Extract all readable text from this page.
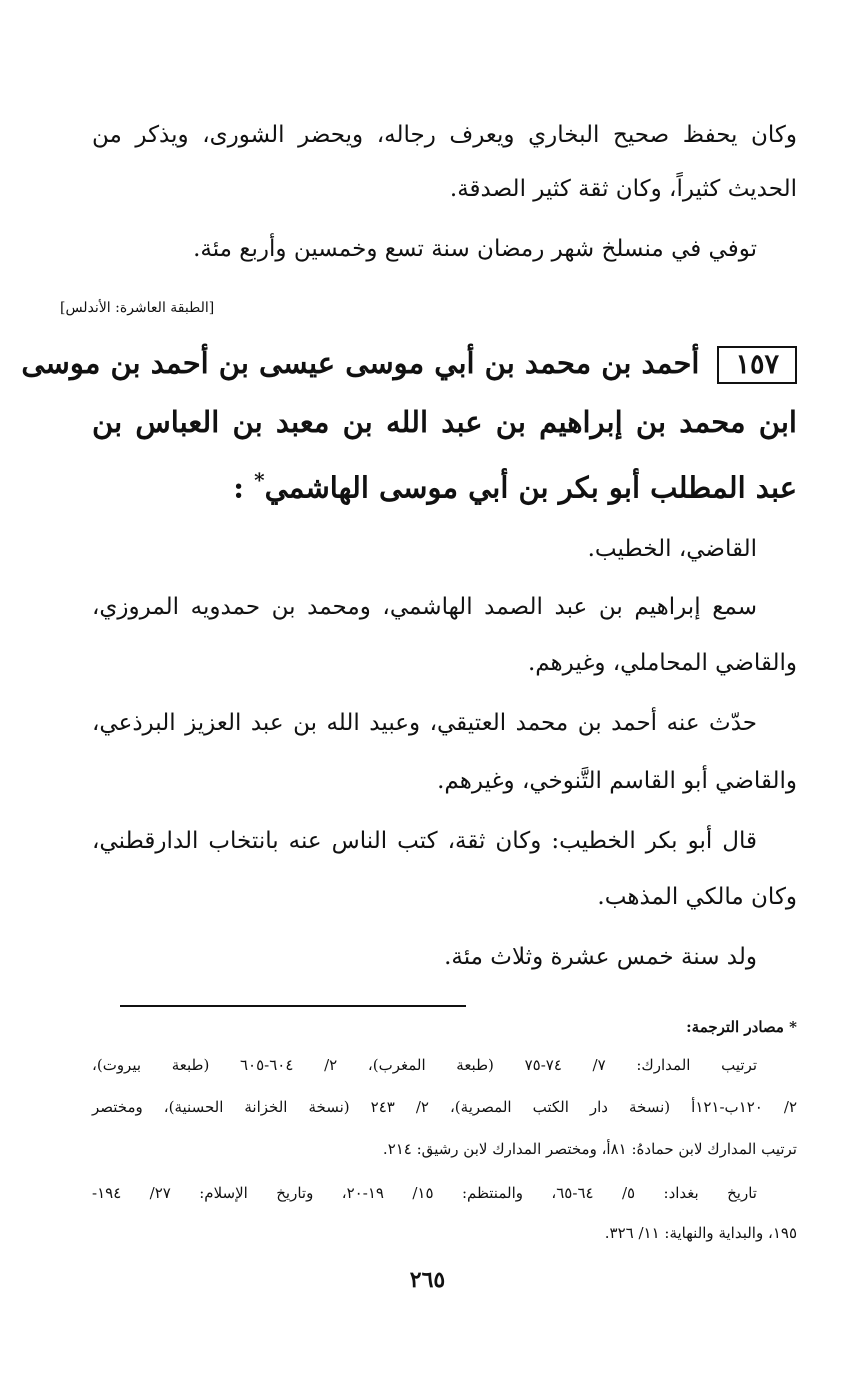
وكان يحفظ صحيح البخاري ويعرف رجاله، ويحضر الشورى، ويذكر من
الحديث كثيراً، وكان ثقة كثير الصدقة.
توفي في منسلخ شهر رمضان سنة تسع وخمسين وأربع مئة.
[الطبقة العاشرة: الأندلس]
١٥٧أحمد بن محمد بن أبي موسى عيسى بن أحمد بن موسى
ابن محمد بن إبراهيم بن عبد الله بن معبد بن العباس بن
عبد المطلب أبو بكر بن أبي موسى الهاشمي* :
القاضي، الخطيب.
سمع إبراهيم بن عبد الصمد الهاشمي، ومحمد بن حمدويه المروزي،
والقاضي المحاملي، وغيرهم.
حدّث عنه أحمد بن محمد العتيقي، وعبيد الله بن عبد العزيز البرذعي،
والقاضي أبو القاسم التَّنوخي، وغيرهم.
قال أبو بكر الخطيب: وكان ثقة، كتب الناس عنه بانتخاب الدارقطني،
وكان مالكي المذهب.
ولد سنة خمس عشرة وثلاث مئة.
* مصادر الترجمة:
ترتيب المدارك: ٧/ ٧٤-٧٥ (طبعة المغرب)، ٢/ ٦٠٤-٦٠٥ (طبعة بيروت)،
٢/ ١٢٠ب-١٢١أ (نسخة دار الكتب المصرية)، ٢/ ٢٤٣ (نسخة الخزانة الحسنية)، ومختصر
ترتيب المدارك لابن حمادهُ: ٨١أ، ومختصر المدارك لابن رشيق: ٢١٤.
تاريخ بغداد: ٥/ ٦٤-٦٥، والمنتظم: ١٥/ ١٩-٢٠، وتاريخ الإسلام: ٢٧/ ١٩٤-
١٩٥، والبداية والنهاية: ١١/ ٣٢٦.
٢٦٥
